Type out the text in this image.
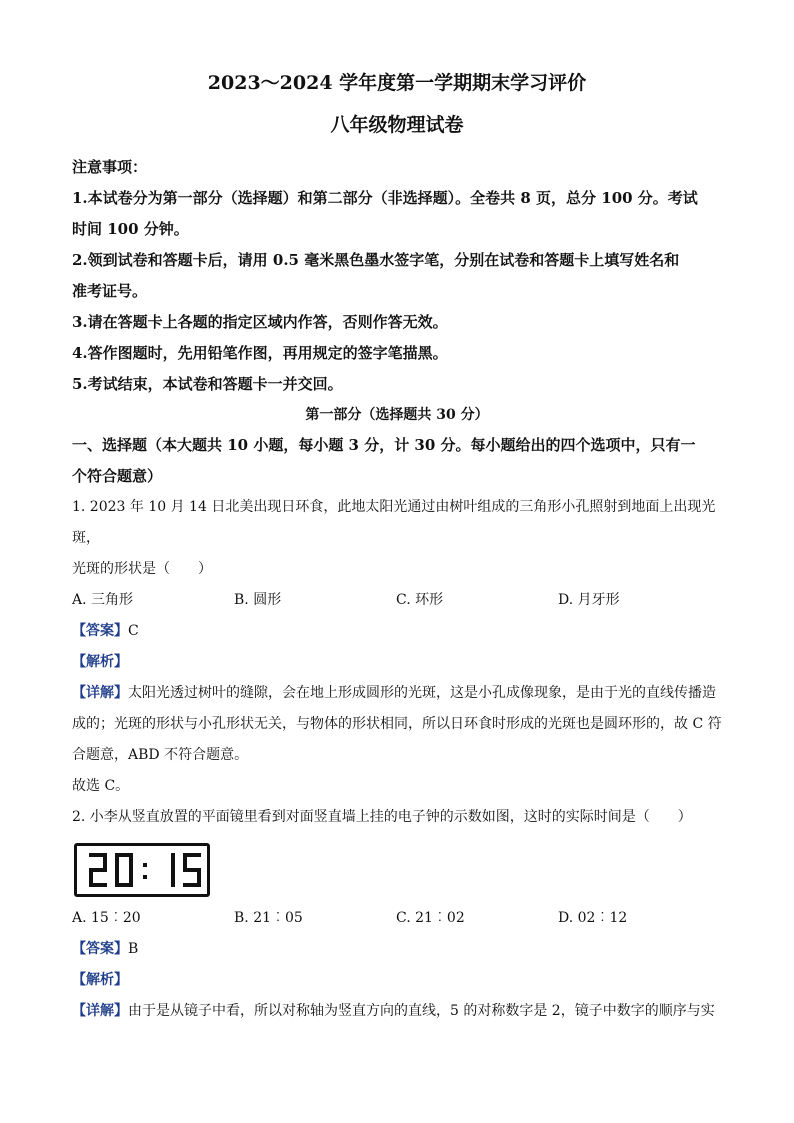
2023～2024 学年度第一学期期末学习评价

八年级物理试卷

注意事项：

1.本试卷分为第一部分（选择题）和第二部分（非选择题）。全卷共 8 页，总分 100 分。考试

时间 100 分钟。

2.领到试卷和答题卡后，请用 0.5 毫米黑色墨水签字笔，分别在试卷和答题卡上填写姓名和

准考证号。

3.请在答题卡上各题的指定区域内作答，否则作答无效。

4.答作图题时，先用铅笔作图，再用规定的签字笔描黑。

5.考试结束，本试卷和答题卡一并交回。

第一部分（选择题共 30 分）

一、选择题（本大题共 10 小题，每小题 3 分，计 30 分。每小题给出的四个选项中，只有一

个符合题意）

1. 2023 年 10 月 14 日北美出现日环食，此地太阳光通过由树叶组成的三角形小孔照射到地面上出现光斑，

光斑的形状是（　　）

A. 三角形	B. 圆形	C. 环形	D. 月牙形

【答案】C

【解析】

【详解】太阳光透过树叶的缝隙，会在地上形成圆形的光斑，这是小孔成像现象，是由于光的直线传播造

成的；光斑的形状与小孔形状无关，与物体的形状相同，所以日环食时形成的光斑也是圆环形的，故 C 符

合题意，ABD 不符合题意。

故选 C。

2. 小李从竖直放置的平面镜里看到对面竖直墙上挂的电子钟的示数如图，这时的实际时间是（　　）

A. 15︰20	B. 21︰05	C. 21︰02	D. 02︰12

【答案】B

【解析】

【详解】由于是从镜子中看，所以对称轴为竖直方向的直线，5 的对称数字是 2，镜子中数字的顺序与实
